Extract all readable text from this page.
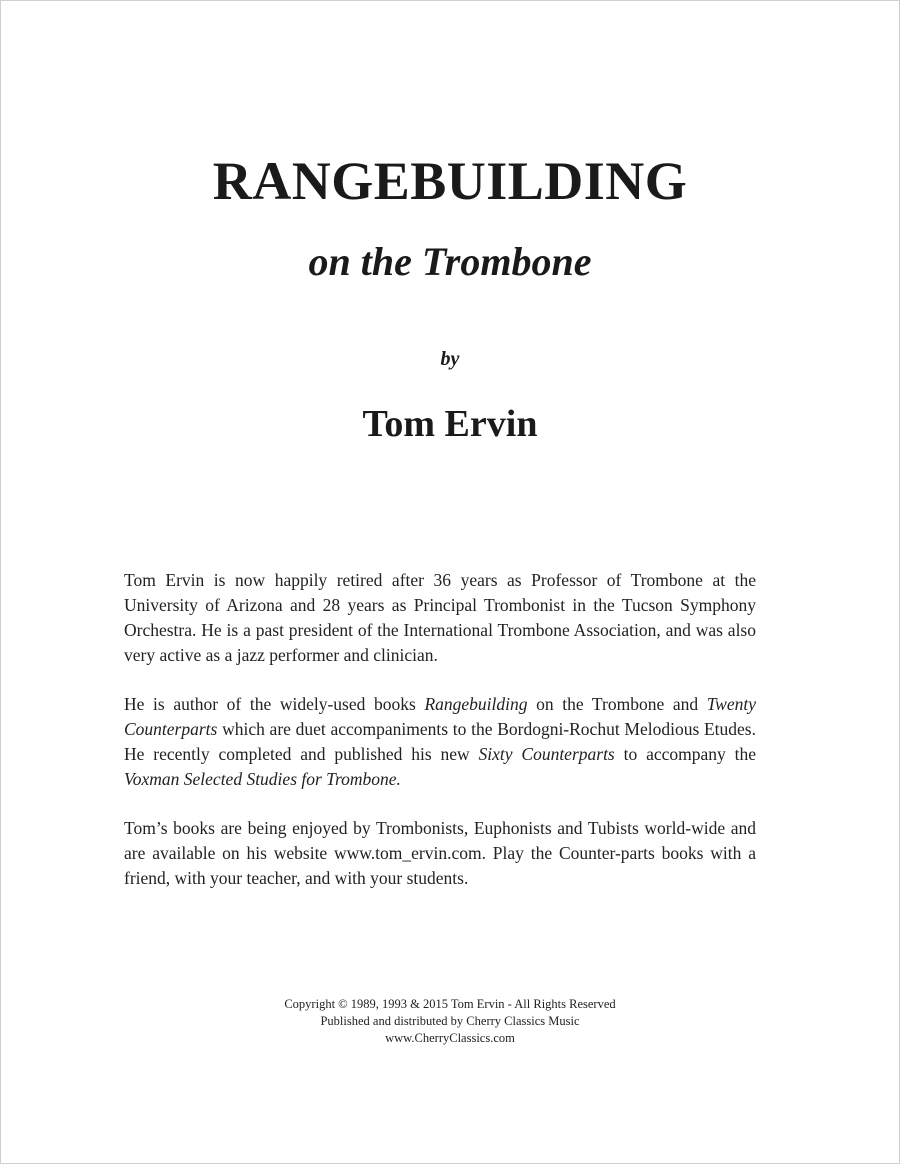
RANGEBUILDING
on the Trombone
by
Tom Ervin

Tom Ervin is now happily retired after 36 years as Professor of Trombone at the University of Arizona and 28 years as Principal Trombonist in the Tucson Symphony Orchestra. He is a past president of the International Trombone Association, and was also very active as a jazz performer and clinician.

He is author of the widely-used books Rangebuilding on the Trombone and Twenty Counterparts which are duet accompaniments to the Bordogni-Rochut Melodious Etudes. He recently completed and published his new Sixty Counterparts to accompany the Voxman Selected Studies for Trombone.

Tom’s books are being enjoyed by Trombonists, Euphonists and Tubists world-wide and are available on his website www.tom_ervin.com. Play the Counter-parts books with a friend, with your teacher, and with your students.

Copyright © 1989, 1993 & 2015 Tom Ervin - All Rights Reserved
Published and distributed by Cherry Classics Music
www.CherryClassics.com
